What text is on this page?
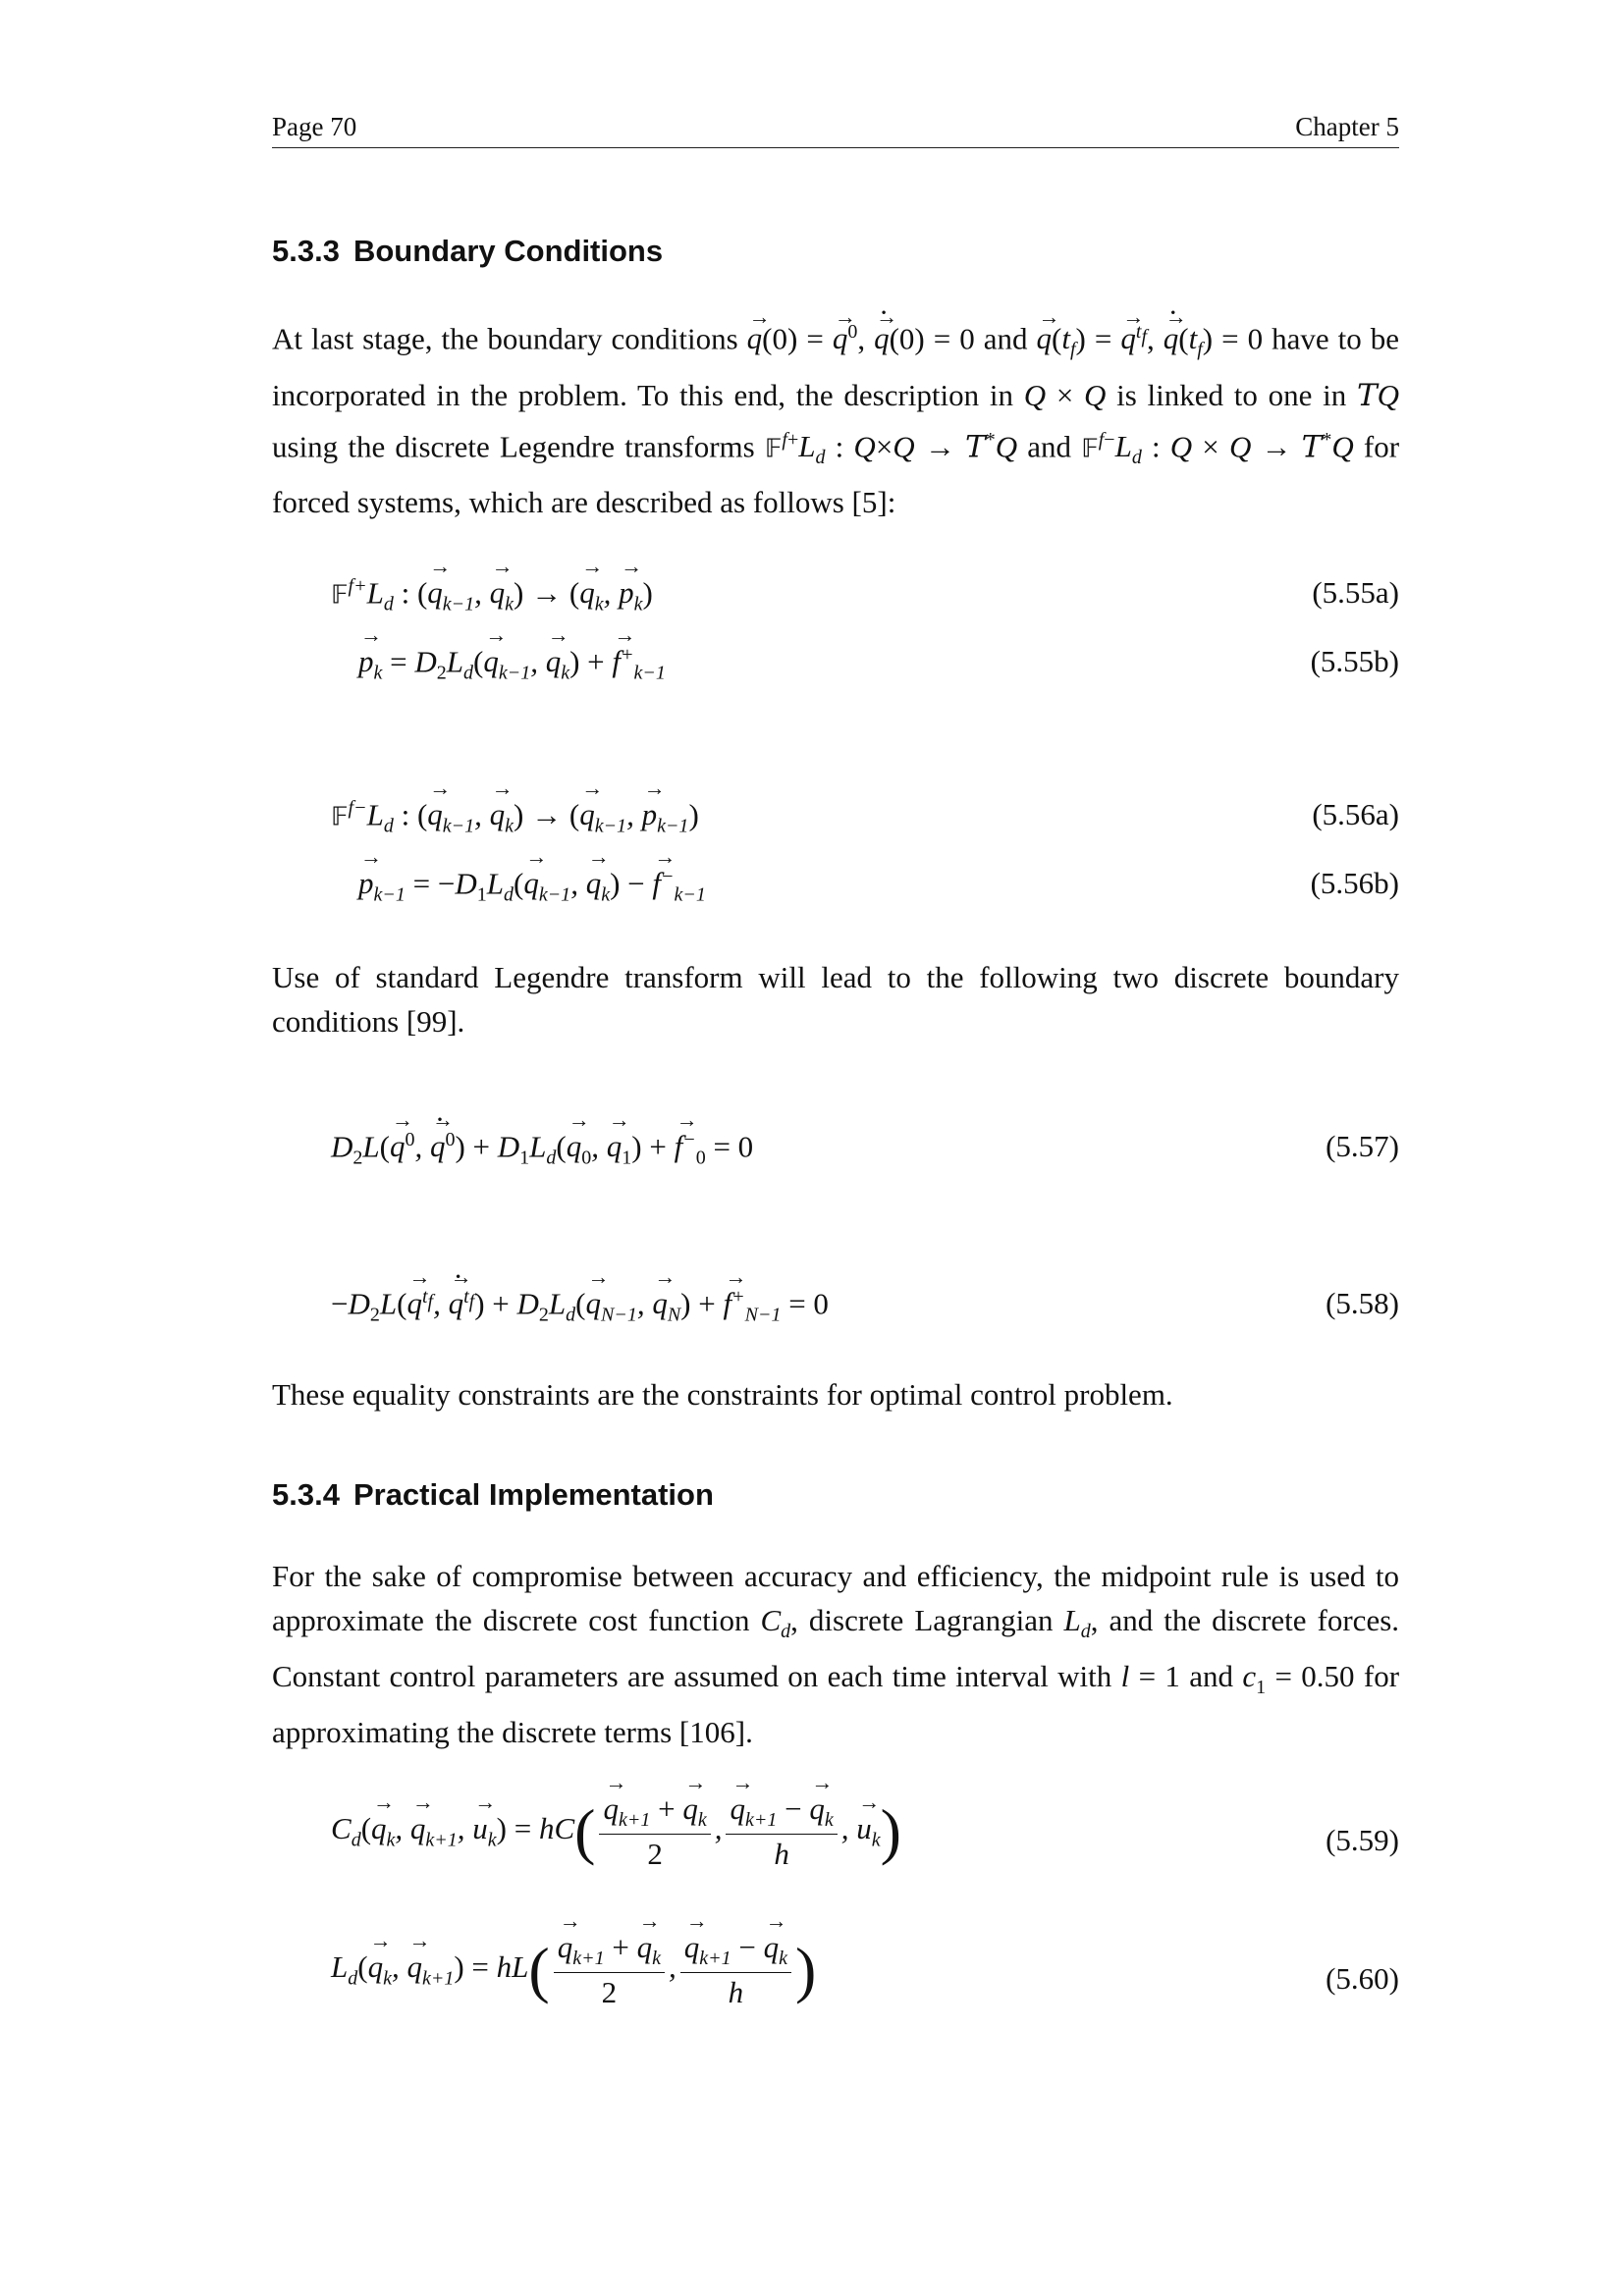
Page 70	Chapter 5
5.3.3 Boundary Conditions

At last stage, the boundary conditions → q(0) = → $q^0$, → q ·(0) = 0 and → $q(t_f)$ = → $q^{t_f}$, → $q \cdot(t_f) = 0$ have to be incorporated in the problem. To this end, the description in Q × Q is linked to one in TQ using the discrete Legendre transforms $𝔽^{f+}L_d$ : Q×Q → T*Q and $𝔽^{f-}L_d$ : Q × Q → T*Q for forced systems, which are described as follows [5]:

$𝔽^{f+}L_d$ : (→ $q_{k-1}$, → $q_k$) → (→ $q_k$, → $p_k$)	(5.55a)
→ $p_k = D_2L_d(\to q_{k-1}$, → $q_k$) + → $f^+_{k-1}$	(5.55b)
$𝔽^{f-}L_d$ : (→ $q_{k-1}$, → $q_k$) → (→ $q_{k-1}$, → $p_{k-1}$)	(5.56a)
→ $p_{k-1} = -D_1L_d(\to q_{k-1}$, → $q_k$) − → $f^-_{k-1}$	(5.56b)

Use of standard Legendre transform will lead to the following two discrete boundary conditions [99].

$D_2L(\to q^0$, → $q \cdot^0) + D_1L_d(\to q_0$, → $q_1$) + → $f^-_0 = 0$	(5.57)
$-D_2L(\to q^{t_f}$, → $q \cdot^{t_f}) + D_2L_d(\to q_{N-1}$, → $q_N$) + → $f^+_{N-1} = 0$	(5.58)

These equality constraints are the constraints for optimal control problem.

5.3.4 Practical Implementation

For the sake of compromise between accuracy and efficiency, the midpoint rule is used to approximate the discrete cost function $C_d$, discrete Lagrangian $L_d$, and the discrete forces. Constant control parameters are assumed on each time interval with l = 1 and $c_1 = 0.50$ for approximating the discrete terms [106].

$C_d(\to q_k$, → $q_{k+1}$, → $u_k) = hC( \to \frac{q_{k+1} + \to q_k}{2}$ , → $\frac{q_{k+1} - \to q_k}{h}$ , → $u_k$)	(5.59)
$L_d(\to q_k$, → $q_{k+1}) = hL( \to \frac{q_{k+1} + \to q_k}{2}$ , → $\frac{q_{k+1} - \to q_k}{h}$ )	(5.60)
